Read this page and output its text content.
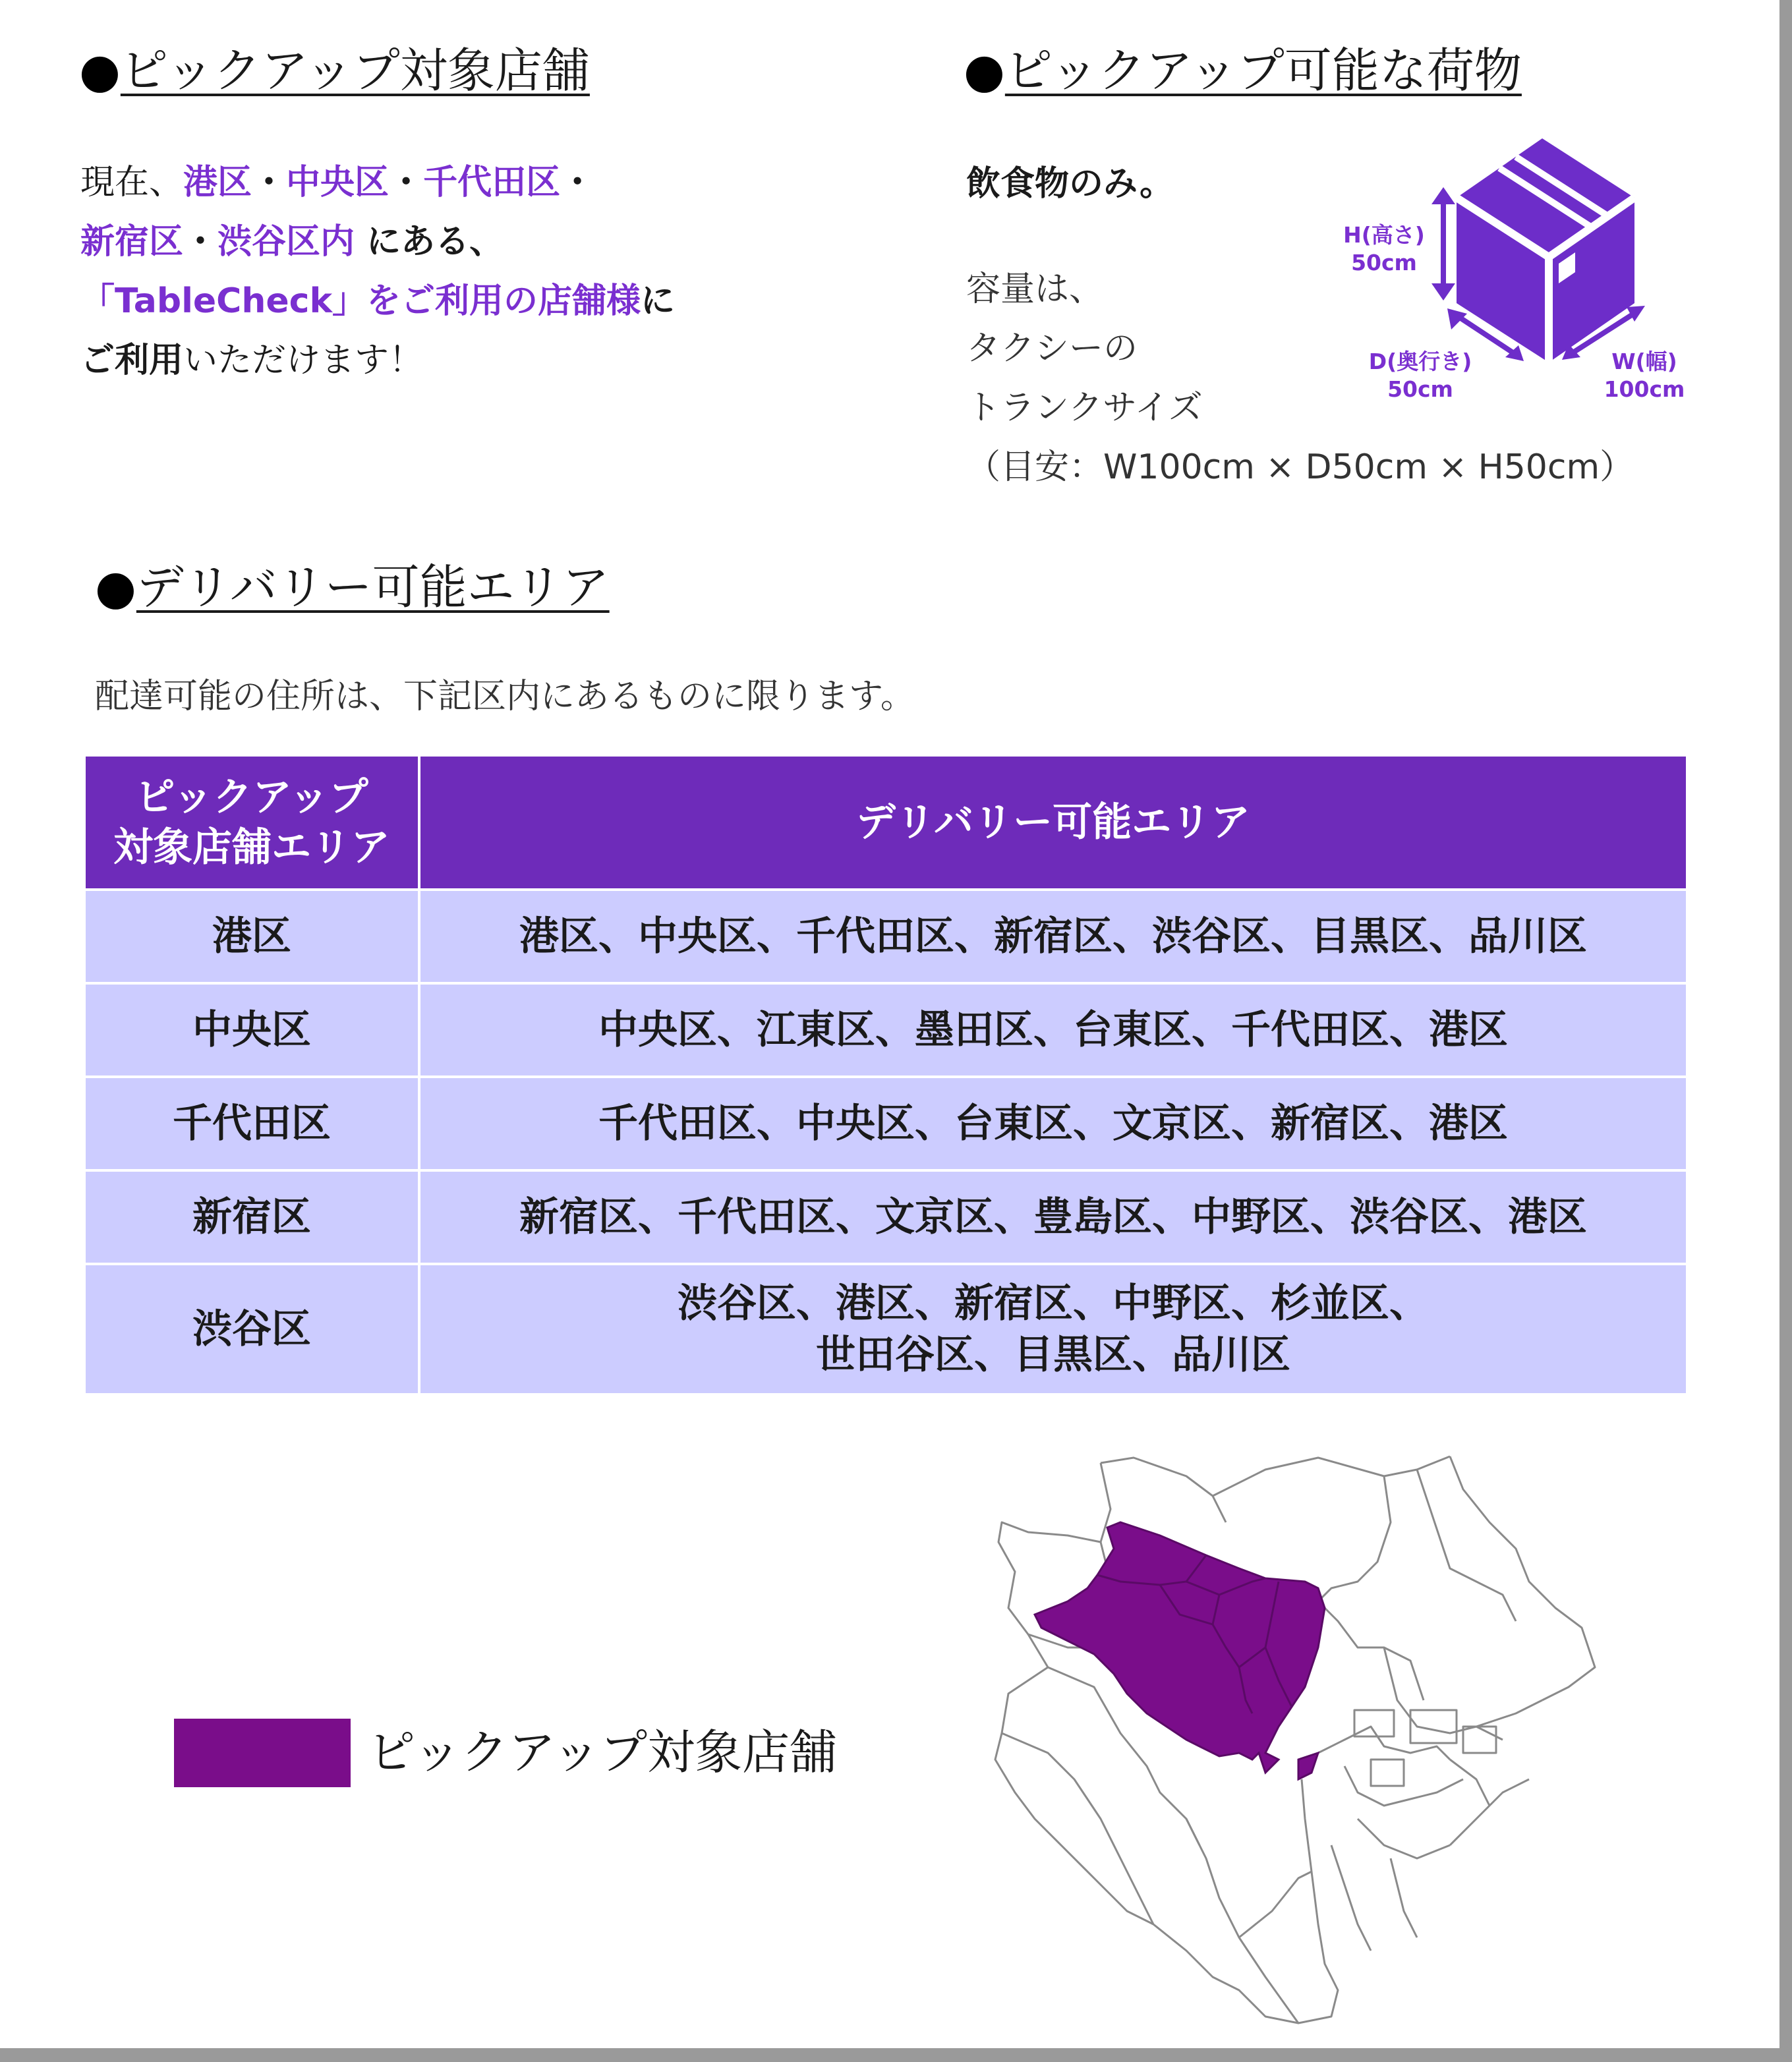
●ピックアップ対象店舗
現在、港区・中央区・千代田区・
新宿区・渋谷区内 にある、
「TableCheck」をご利用の店舗様に
ご利用いただけます！
●ピックアップ可能な荷物
飲食物のみ。
容量は、
タクシーの
トランクサイズ
（目安：W100cm × D50cm × H50cm）
H(高さ)
50cm
D(奥行き)
50cm
W(幅)
100cm
●デリバリー可能エリア
配達可能の住所は、下記区内にあるものに限ります。
ピックアップ
対象店舗エリア	デリバリー可能エリア
港区	港区、中央区、千代田区、新宿区、渋谷区、目黒区、品川区

中央区	中央区、江東区、墨田区、台東区、千代田区、港区

千代田区	千代田区、中央区、台東区、文京区、新宿区、港区

新宿区	新宿区、千代田区、文京区、豊島区、中野区、渋谷区、港区

渋谷区	渋谷区、港区、新宿区、中野区、杉並区、
世田谷区、目黒区、品川区
ピックアップ対象店舗
